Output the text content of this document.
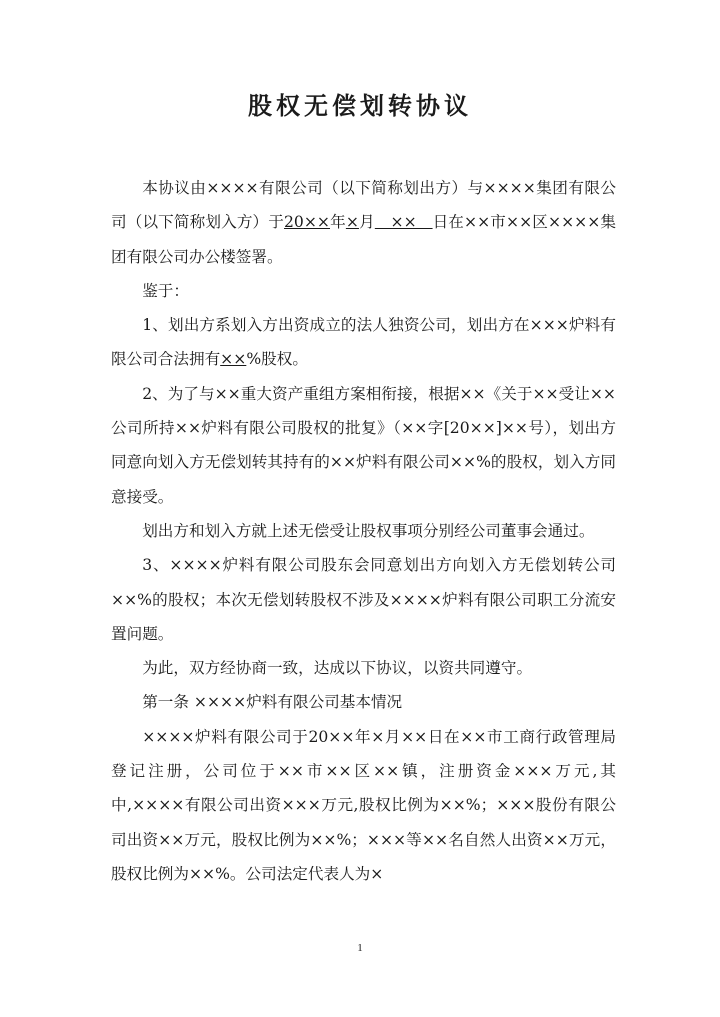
股权无偿划转协议

本协议由××××有限公司（以下简称划出方）与××××集团有限公司（以下简称划入方）于20××年×月　××　日在××市××区××××集团有限公司办公楼签署。

鉴于：

1、划出方系划入方出资成立的法人独资公司，划出方在×××炉料有限公司合法拥有××%股权。

2、为了与××重大资产重组方案相衔接，根据××《关于××受让××公司所持××炉料有限公司股权的批复》（××字[20××]××号），划出方同意向划入方无偿划转其持有的××炉料有限公司××%的股权，划入方同意接受。

划出方和划入方就上述无偿受让股权事项分别经公司董事会通过。

3、××××炉料有限公司股东会同意划出方向划入方无偿划转公司××%的股权；本次无偿划转股权不涉及××××炉料有限公司职工分流安置问题。

为此，双方经协商一致，达成以下协议，以资共同遵守。

第一条 ××××炉料有限公司基本情况

××××炉料有限公司于20××年×月××日在××市工商行政管理局登记注册，公司位于××市××区××镇，注册资金×××万元,其中,××××有限公司出资×××万元,股权比例为××%；×××股份有限公司出资××万元，股权比例为××%；×××等××名自然人出资××万元，股权比例为××%。公司法定代表人为×

1
